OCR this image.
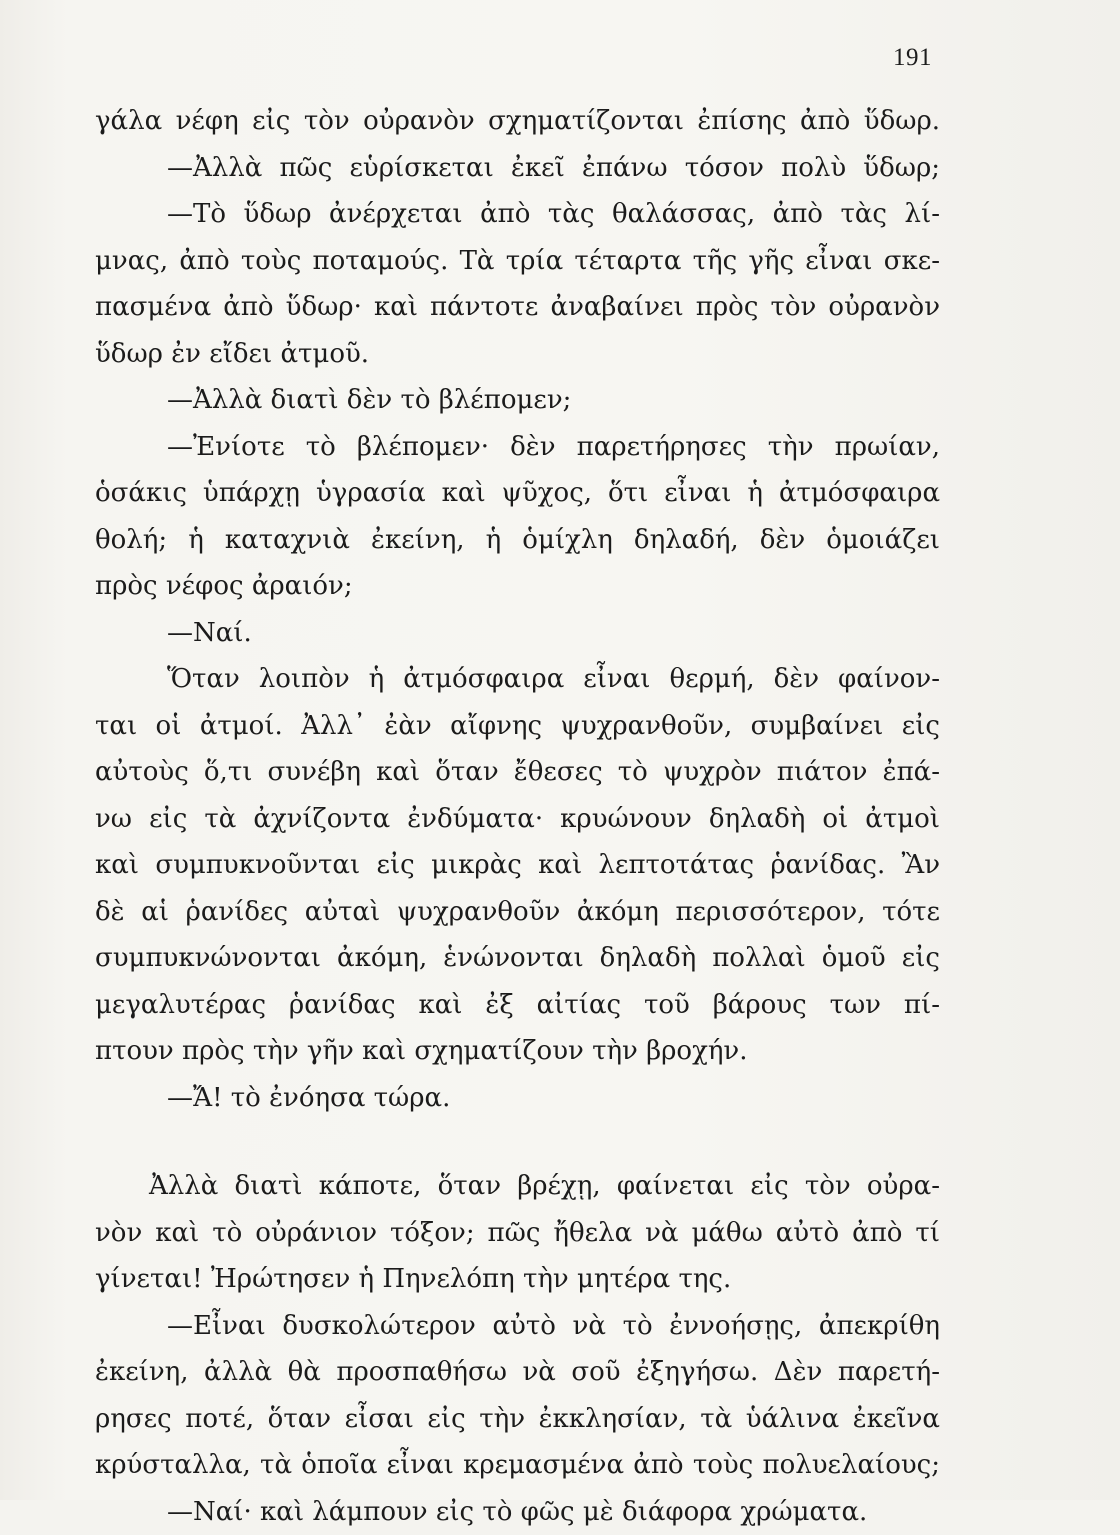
191
γάλα νέφη εἰς τὸν οὐρανὸν σχηματίζονται ἐπίσης ἀπὸ ὕδωρ.
—Ἀλλὰ πῶς εὑρίσκεται ἐκεῖ ἐπάνω τόσον πολὺ ὕδωρ;
—Τὸ ὕδωρ ἀνέρχεται ἀπὸ τὰς θαλάσσας, ἀπὸ τὰς λί-
μνας, ἀπὸ τοὺς ποταμούς. Τὰ τρία τέταρτα τῆς γῆς εἶναι σκε-
πασμένα ἀπὸ ὕδωρ· καὶ πάντοτε ἀναβαίνει πρὸς τὸν οὐρανὸν
ὕδωρ ἐν εἴδει ἀτμοῦ.
—Ἀλλὰ διατὶ δὲν τὸ βλέπομεν;
—Ἐνίοτε τὸ βλέπομεν· δὲν παρετήρησες τὴν πρωίαν,
ὁσάκις ὑπάρχῃ ὑγρασία καὶ ψῦχος, ὅτι εἶναι ἡ ἀτμόσφαιρα
θολή; ἡ καταχνιὰ ἐκείνη, ἡ ὁμίχλη δηλαδή, δὲν ὁμοιάζει
πρὸς νέφος ἀραιόν;
—Ναί.
Ὅταν λοιπὸν ἡ ἀτμόσφαιρα εἶναι θερμή, δὲν φαίνον-
ται οἱ ἀτμοί. Ἀλλ᾿ ἐὰν αἴφνης ψυχρανθοῦν, συμβαίνει εἰς
αὐτοὺς ὅ,τι συνέβη καὶ ὅταν ἔθεσες τὸ ψυχρὸν πιάτον ἐπά-
νω εἰς τὰ ἀχνίζοντα ἐνδύματα· κρυώνουν δηλαδὴ οἱ ἀτμοὶ
καὶ συμπυκνοῦνται εἰς μικρὰς καὶ λεπτοτάτας ῥανίδας. Ἂν
δὲ αἱ ῥανίδες αὐταὶ ψυχρανθοῦν ἀκόμη περισσότερον, τότε
συμπυκνώνονται ἀκόμη, ἑνώνονται δηλαδὴ πολλαὶ ὁμοῦ εἰς
μεγαλυτέρας ῥανίδας καὶ ἐξ αἰτίας τοῦ βάρους των πί-
πτουν πρὸς τὴν γῆν καὶ σχηματίζουν τὴν βροχήν.
—Ἄ! τὸ ἐνόησα τώρα.
Ἀλλὰ διατὶ κάποτε, ὅταν βρέχῃ, φαίνεται εἰς τὸν οὐρα-
νὸν καὶ τὸ οὐράνιον τόξον; πῶς ἤθελα νὰ μάθω αὐτὸ ἀπὸ τί
γίνεται! Ἠρώτησεν ἡ Πηνελόπη τὴν μητέρα της.
—Εἶναι δυσκολώτερον αὐτὸ νὰ τὸ ἐννοήσῃς, ἀπεκρίθη
ἐκείνη, ἀλλὰ θὰ προσπαθήσω νὰ σοῦ ἐξηγήσω. Δὲν παρετή-
ρησες ποτέ, ὅταν εἶσαι εἰς τὴν ἐκκλησίαν, τὰ ὑάλινα ἐκεῖνα
κρύσταλλα, τὰ ὁποῖα εἶναι κρεμασμένα ἀπὸ τοὺς πολυελαίους;
—Ναί· καὶ λάμπουν εἰς τὸ φῶς μὲ διάφορα χρώματα.
